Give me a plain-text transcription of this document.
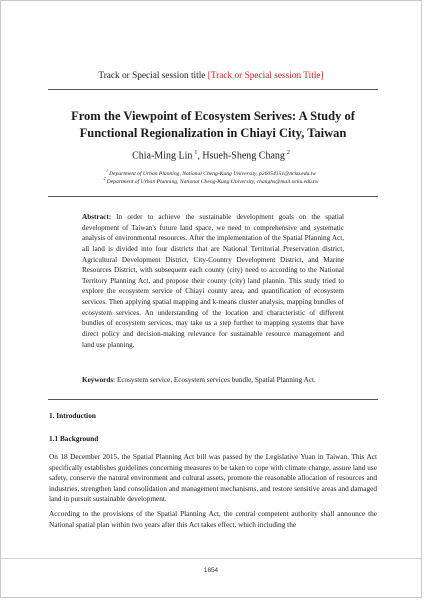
Track or Special session title [Track or Special session Title]
From the Viewpoint of Ecosystem Serives: A Study of
Functional Regionalization in Chiayi City, Taiwan
Chia-Ming Lin  $^1$, Hsueh-Sheng Chang  $^2$
$^1$ Department of Urban Planning, National Cheng-Kung University, p26054151@ncku.edu.tw
$^2$ Department of Urban Planning, National Cheng-Kung University, changhs@mail.ncku.edu.tw
Abstract: In order to achieve the sustainable development goals on the spatial development of Taiwan's future land space, we need to comprehensive and systematic analysis of environmental resources. After the implementation of the Spatial Planning Act, all land is divided into four districts that are National Territorial Preservation district, Agricultural Development District, City-Country Development District, and Marine Resources District, with subsequent each county (city) need to according to the National Territory Planning Act, and propose their county (city) land plannin. This study tried to explore the ecosystem service of Chiayi county area, and quantification of ecosystem services. Then applying spatial mapping and k-means cluster analysis, mapping bundles of ecosystem services. An understanding of the location and characteristic of different bundles of ecosystem services, may take us a step further to mapping systems that have direct policy and decision-making relevance for sustainable resource management and land use planning.
Keywords: Ecosystem service, Ecosystem services bundle, Spatial Planning Act.
1. Introduction
1.1 Background
On 18 December 2015, the Spatial Planning Act bill was passed by the Legislative Yuan in Taiwan. This Act specifically establishes guidelines concerning measures to be taken to cope with climate change, assure land use safety, conserve the natural environment and cultural assets, promote the reasonable allocation of resources and industries, strengthen land consolidation and management mechanisms, and restore sensitive areas and damaged land in pursuit sustainable development.
According to the provisions of the Spatial Planning Act, the central competent authority shall announce the National spatial plan within two years after this Act takes effect, which including the
1854
